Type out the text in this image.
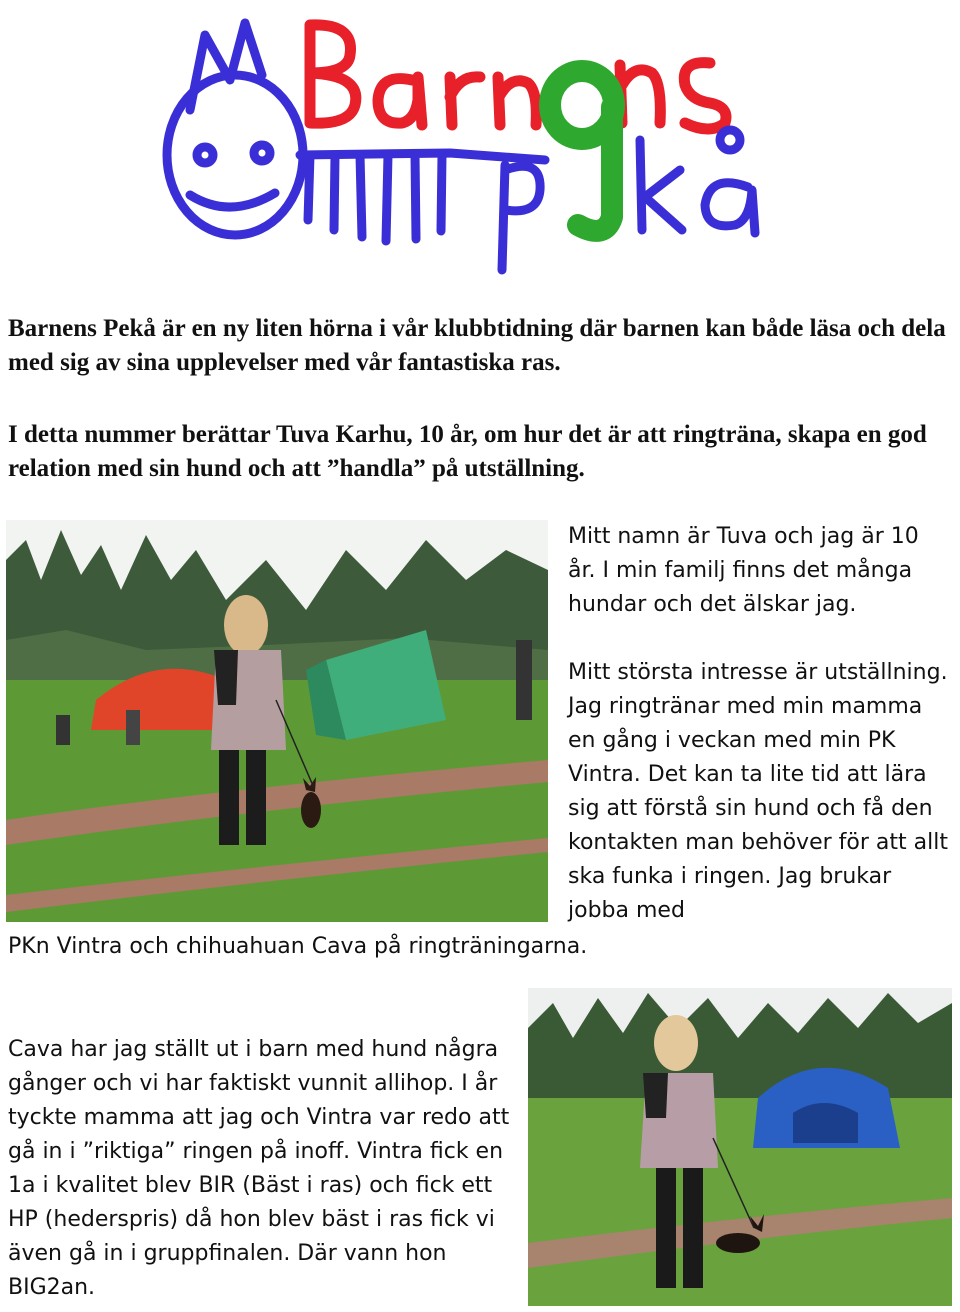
Barnens Pekå är en ny liten hörna i vår klubbtidning där barnen kan både läsa och dela med sig av sina upplevelser med vår fantastiska ras.

I detta nummer berättar Tuva Karhu, 10 år, om hur det är att ringträna, skapa en god relation med sin hund och att ”handla” på utställning.

Mitt namn är Tuva och jag är 10 år. I min familj finns det många hundar och det älskar jag.

Mitt största intresse är utställning. Jag ringtränar med min mamma en gång i veckan med min PK Vintra. Det kan ta lite tid att lära sig att förstå sin hund och få den kontakten man behöver för att allt ska funka i ringen. Jag brukar jobba med

PKn Vintra och chihuahuan Cava på ringträningarna.

Cava har jag ställt ut i barn med hund några gånger och vi har faktiskt vunnit allihop. I år tyckte mamma att jag och Vintra var redo att gå in i ”riktiga” ringen på inoff. Vintra fick en 1a i kvalitet blev BIR (Bäst i ras) och fick ett HP (hederspris) då hon blev bäst i ras fick vi även gå in i gruppfinalen. Där vann hon BIG2an.
